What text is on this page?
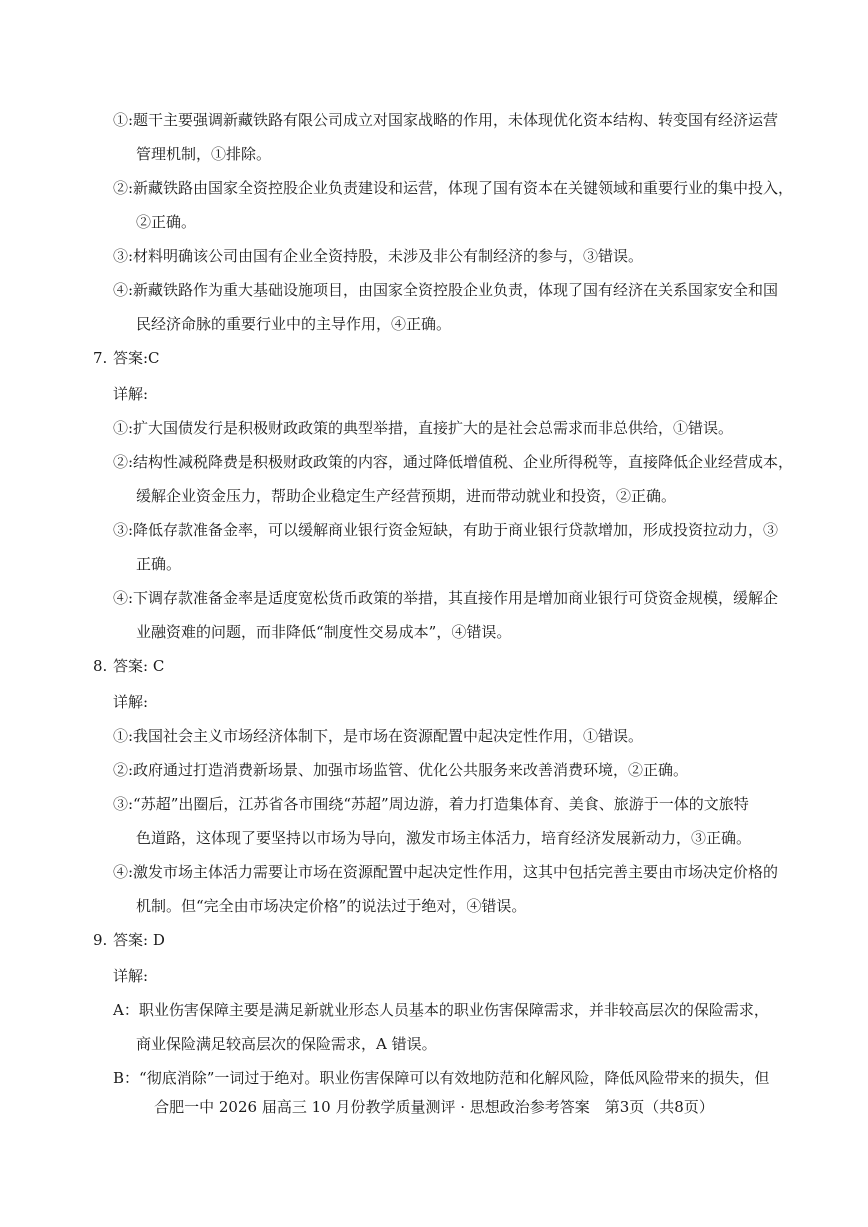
①:题干主要强调新藏铁路有限公司成立对国家战略的作用，未体现优化资本结构、转变国有经济运营
管理机制，①排除。
②:新藏铁路由国家全资控股企业负责建设和运营，体现了国有资本在关键领域和重要行业的集中投入，
②正确。
③:材料明确该公司由国有企业全资持股，未涉及非公有制经济的参与，③错误。
④:新藏铁路作为重大基础设施项目，由国家全资控股企业负责，体现了国有经济在关系国家安全和国
民经济命脉的重要行业中的主导作用，④正确。
7. 答案:C
详解:
①:扩大国债发行是积极财政政策的典型举措，直接扩大的是社会总需求而非总供给，①错误。
②:结构性减税降费是积极财政政策的内容，通过降低增值税、企业所得税等，直接降低企业经营成本，
缓解企业资金压力，帮助企业稳定生产经营预期，进而带动就业和投资，②正确。
③:降低存款准备金率，可以缓解商业银行资金短缺，有助于商业银行贷款增加，形成投资拉动力，③
正确。
④:下调存款准备金率是适度宽松货币政策的举措，其直接作用是增加商业银行可贷资金规模，缓解企
业融资难的问题，而非降低“制度性交易成本”，④错误。
8. 答案: C
详解:
①:我国社会主义市场经济体制下，是市场在资源配置中起决定性作用，①错误。
②:政府通过打造消费新场景、加强市场监管、优化公共服务来改善消费环境，②正确。
③:“苏超”出圈后，江苏省各市围绕“苏超”周边游，着力打造集体育、美食、旅游于一体的文旅特
色道路，这体现了要坚持以市场为导向，激发市场主体活力，培育经济发展新动力，③正确。
④:激发市场主体活力需要让市场在资源配置中起决定性作用，这其中包括完善主要由市场决定价格的
机制。但“完全由市场决定价格”的说法过于绝对，④错误。
9. 答案: D
详解:
A：职业伤害保障主要是满足新就业形态人员基本的职业伤害保障需求，并非较高层次的保险需求，
商业保险满足较高层次的保险需求，A 错误。
B：“彻底消除”一词过于绝对。职业伤害保障可以有效地防范和化解风险，降低风险带来的损失，但
合肥一中 2026 届高三 10 月份教学质量测评 · 思想政治参考答案　第3页（共8页）
